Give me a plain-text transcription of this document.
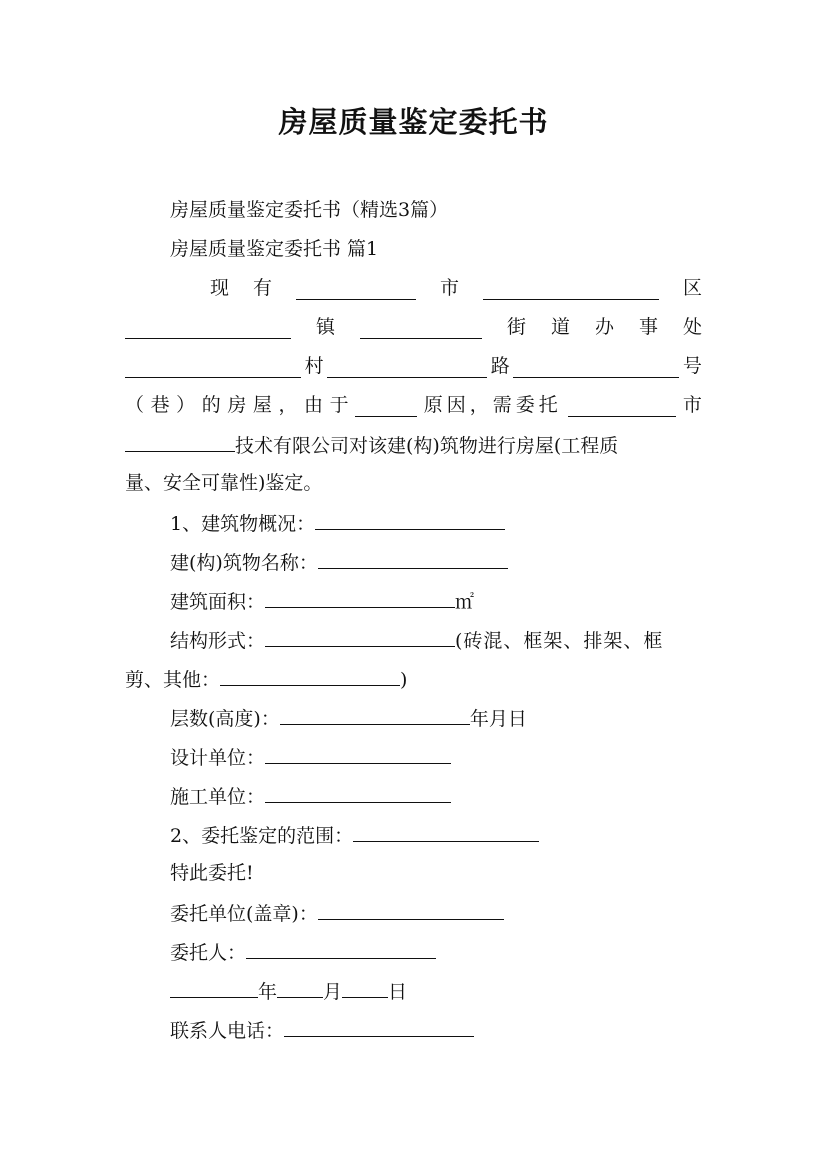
房屋质量鉴定委托书
房屋质量鉴定委托书（精选3篇）
房屋质量鉴定委托书 篇1
现 有	市	区
镇	街 道 办 事 处
村	路	号
（ 巷 ） 的 房 屋 ， 由 于	原因，需委托	市
技术有限公司对该建(构)筑物进行房屋(工程质
量、安全可靠性)鉴定。
1、建筑物概况：
建(构)筑物名称：
建筑面积：	㎡
结构形式：	(砖混、框架、排架、框
剪、其他：	)
层数(高度)：	年月日
设计单位：
施工单位：
2、委托鉴定的范围：
特此委托!
委托单位(盖章)：
委托人：
年 月 日
联系人电话：
